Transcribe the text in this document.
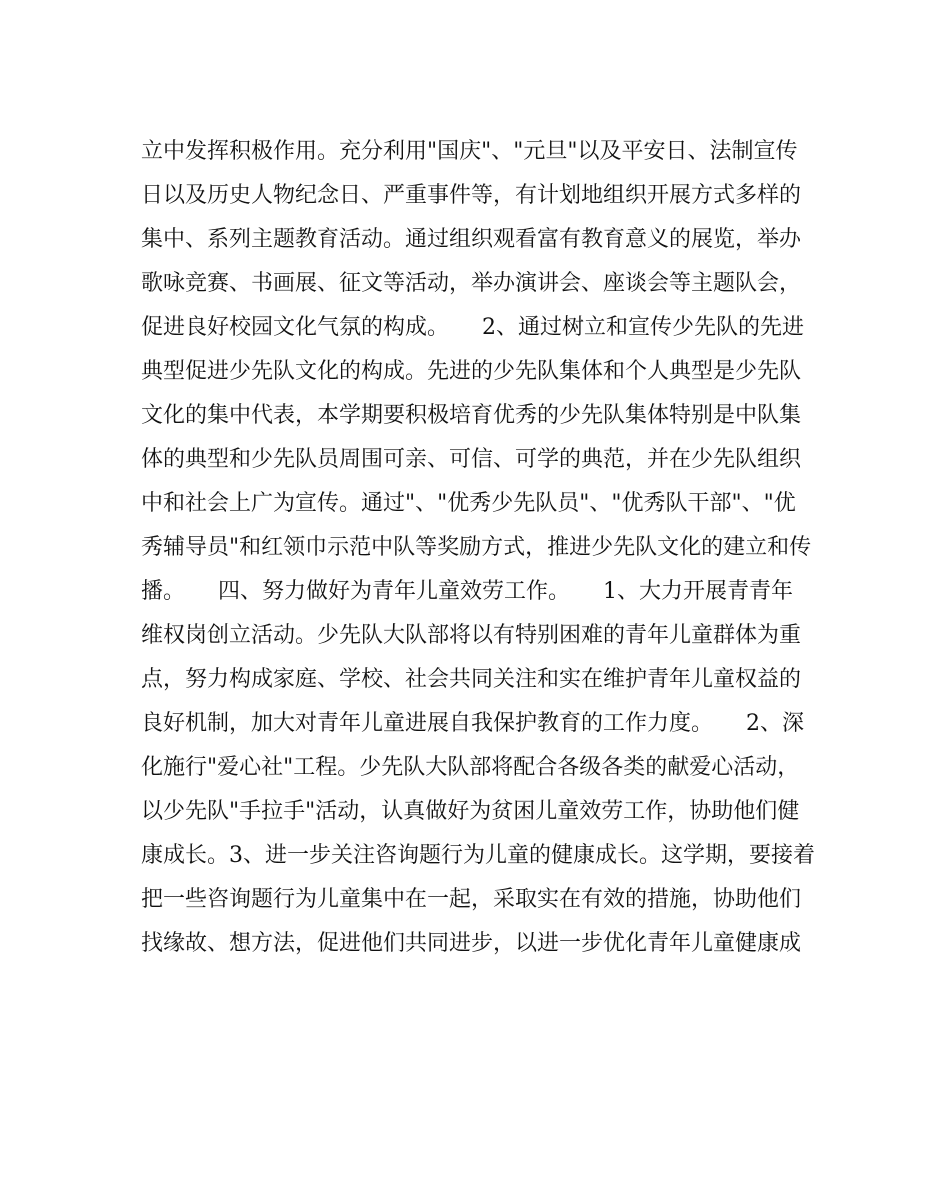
立中发挥积极作用。充分利用"国庆"、"元旦"以及平安日、法制宣传
日以及历史人物纪念日、严重事件等，有计划地组织开展方式多样的
集中、系列主题教育活动。通过组织观看富有教育意义的展览，举办
歌咏竞赛、书画展、征文等活动，举办演讲会、座谈会等主题队会，
促进良好校园文化气氛的构成。　　2、通过树立和宣传少先队的先进
典型促进少先队文化的构成。先进的少先队集体和个人典型是少先队
文化的集中代表，本学期要积极培育优秀的少先队集体特别是中队集
体的典型和少先队员周围可亲、可信、可学的典范，并在少先队组织
中和社会上广为宣传。通过"、"优秀少先队员"、"优秀队干部"、"优
秀辅导员"和红领巾示范中队等奖励方式，推进少先队文化的建立和传
播。　　四、努力做好为青年儿童效劳工作。　　1、大力开展青青年
维权岗创立活动。少先队大队部将以有特别困难的青年儿童群体为重
点，努力构成家庭、学校、社会共同关注和实在维护青年儿童权益的
良好机制，加大对青年儿童进展自我保护教育的工作力度。　　2、深
化施行"爱心社"工程。少先队大队部将配合各级各类的献爱心活动，
以少先队"手拉手"活动，认真做好为贫困儿童效劳工作，协助他们健
康成长。3、进一步关注咨询题行为儿童的健康成长。这学期，要接着
把一些咨询题行为儿童集中在一起，采取实在有效的措施，协助他们
找缘故、想方法，促进他们共同进步，以进一步优化青年儿童健康成
